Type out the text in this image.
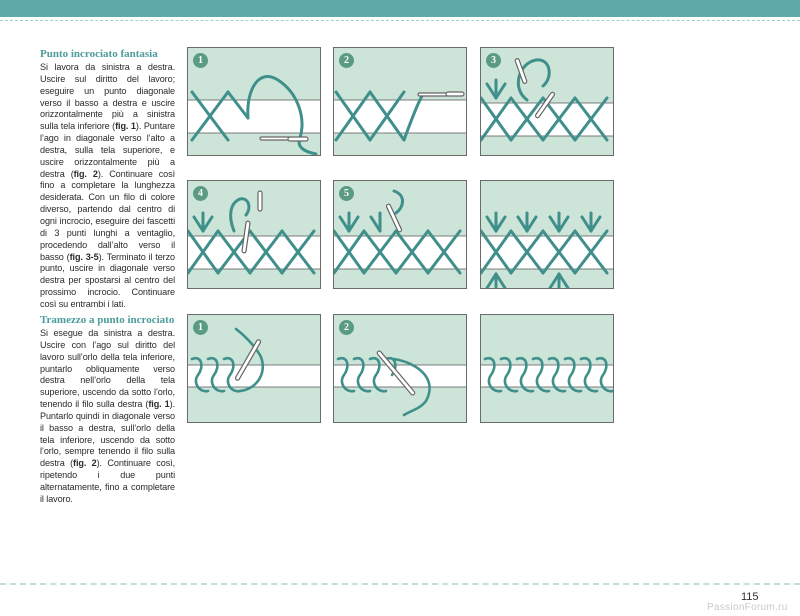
Punto incrociato fantasia

Si lavora da sinistra a destra. Uscire sul diritto del lavoro; eseguire un punto diagonale verso il basso a destra e uscire orizzontalmente più a sinistra sulla tela inferiore (fig. 1). Puntare l’ago in diagonale verso l’alto a destra, sulla tela superiore, e uscire orizzontalmente più a destra (fig. 2). Continuare così fino a completare la lunghezza desiderata. Con un filo di colore diverso, partendo dal centro di ogni incrocio, eseguire dei fascetti di 3 punti lunghi a ventaglio, procedendo dall’alto verso il basso (fig. 3-5). Terminato il terzo punto, uscire in diagonale verso destra per spostarsi al centro del prossimo incrocio. Continuare così su entrambi i lati.

Tramezzo a punto incrociato

Si esegue da sinistra a destra. Uscire con l’ago sul diritto del lavoro sull’orlo della tela inferiore, puntarlo obliquamente verso destra nell’orlo della tela superiore, uscendo da sotto l’orlo, tenendo il filo sulla destra (fig. 1). Puntarlo quindi in diagonale verso il basso a destra, sull’orlo della tela inferiore, uscendo da sotto l’orlo, sempre tenendo il filo sulla destra (fig. 2). Continuare così, ripetendo i due punti alternatamente, fino a completare il lavoro.

1	2	3
4	5
1	2
115
PassionForum.ru
